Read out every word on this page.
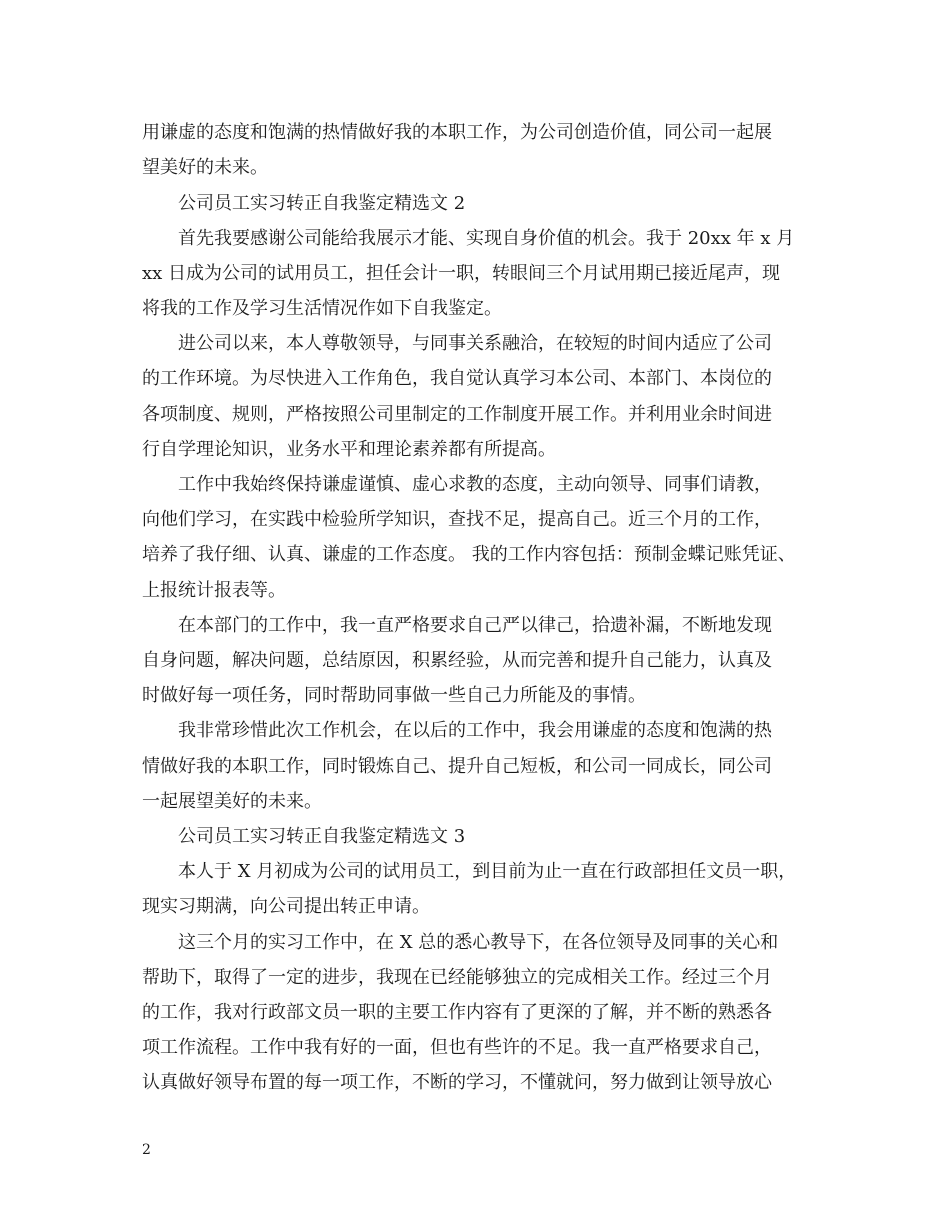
用谦虚的态度和饱满的热情做好我的本职工作，为公司创造价值，同公司一起展
望美好的未来。
公司员工实习转正自我鉴定精选文 2
首先我要感谢公司能给我展示才能、实现自身价值的机会。我于 20xx 年 x 月
xx 日成为公司的试用员工，担任会计一职，转眼间三个月试用期已接近尾声，现
将我的工作及学习生活情况作如下自我鉴定。
进公司以来，本人尊敬领导，与同事关系融洽，在较短的时间内适应了公司
的工作环境。为尽快进入工作角色，我自觉认真学习本公司、本部门、本岗位的
各项制度、规则，严格按照公司里制定的工作制度开展工作。并利用业余时间进
行自学理论知识，业务水平和理论素养都有所提高。
工作中我始终保持谦虚谨慎、虚心求教的态度，主动向领导、同事们请教，
向他们学习，在实践中检验所学知识，查找不足，提高自己。近三个月的工作，
培养了我仔细、认真、谦虚的工作态度。 我的工作内容包括：预制金蝶记账凭证、
上报统计报表等。
在本部门的工作中，我一直严格要求自己严以律己，拾遗补漏，不断地发现
自身问题，解决问题，总结原因，积累经验，从而完善和提升自己能力，认真及
时做好每一项任务，同时帮助同事做一些自己力所能及的事情。
我非常珍惜此次工作机会，在以后的工作中，我会用谦虚的态度和饱满的热
情做好我的本职工作，同时锻炼自己、提升自己短板，和公司一同成长，同公司
一起展望美好的未来。
公司员工实习转正自我鉴定精选文 3
本人于 X 月初成为公司的试用员工，到目前为止一直在行政部担任文员一职，
现实习期满，向公司提出转正申请。
这三个月的实习工作中，在 X 总的悉心教导下，在各位领导及同事的关心和
帮助下，取得了一定的进步，我现在已经能够独立的完成相关工作。经过三个月
的工作，我对行政部文员一职的主要工作内容有了更深的了解，并不断的熟悉各
项工作流程。工作中我有好的一面，但也有些许的不足。我一直严格要求自己，
认真做好领导布置的每一项工作，不断的学习，不懂就问，努力做到让领导放心
2
